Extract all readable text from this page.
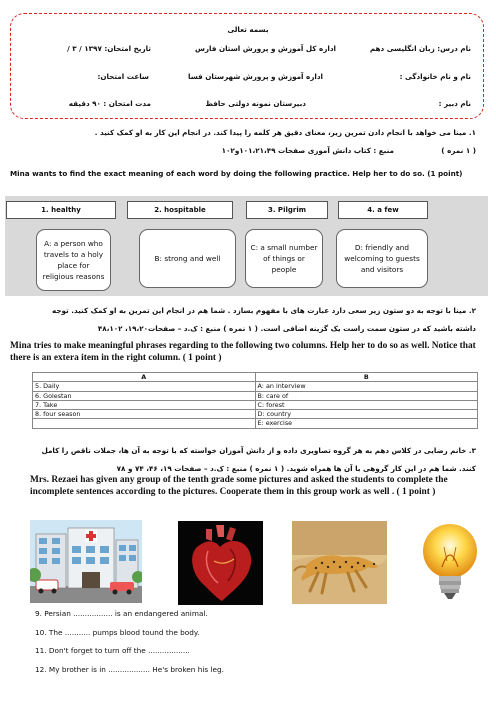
بسمه تعالی
نام درس: زبان انگلیسی دهم
اداره کل آموزش و پرورش استان فارس
تاریخ امتحان: ۱۳۹۷ / ۳ /
نام و نام خانوادگی :
اداره آموزش و پرورش شهرستان فسا
ساعت امتحان:
نام دبیر :
دبیرستان نمونه دولتی حافظ
مدت امتحان : ۹۰ دقیقه
۱. مینا می خواهد با انجام دادن تمرین زیر، معنای دقیق هر کلمه را پیدا کند. در انجام این کار به او کمک کنید .
( ۱ نمره )
منبع : کتاب دانش آموزی صفحات ۱۰۱،۲۱،۴۹و۱۰۲
Mina wants to find the exact meaning of each word by doing the following practice. Help her to do so. (1 point)
1. healthy	2. hospitable	3. Pilgrim	4. a few
A: a person who travels to a holy place for religious reasons
B: strong and well
C: a small number of things or people
D: friendly and welcoming to guests and visitors
۲. مینا با توجه به دو ستون زیر سعی دارد عبارت های با مفهوم بسازد . شما هم در انجام این تمرین به او کمک کنید. توجه
داشته باشید که در ستون سمت راست یک گزینه اضافی است. ( ۱ نمره ) منبع : ک.د – صفحات۱۹،۲۰، ۴۸،۱۰۲
Mina tries to make meaningful phrases regarding to the following two columns. Help her to do so as well. Notice that there is an extera item in the right column. ( 1 point )
A	B
5. Daily	A: an interview
6. Golestan	B: care of
7. Take	C: forest
8. four season	D: country
	E: exercise
۳. خانم رضایی در کلاس دهم به هر گروه تصاویری داده و از دانش آموزان خواسته که با توجه به آن ها، جملات ناقص را کامل
کنند. شما هم در این کار گروهی با آن ها همراه شوید. ( ۱ نمره ) منبع : ک.د – صفحات ۱۹، ۴۶، ۷۴ و ۷۸
Mrs. Rezaei has given any group of the tenth grade some pictures and asked the students to complete the incomplete sentences according to the pictures. Cooperate them in this group work as well . ( 1 point )
9. Persian ................. is an endangered animal.
10. The ........... pumps blood tound the body.
11. Don't forget to turn off the ..................
12. My brother is in .................. He's broken his leg.
